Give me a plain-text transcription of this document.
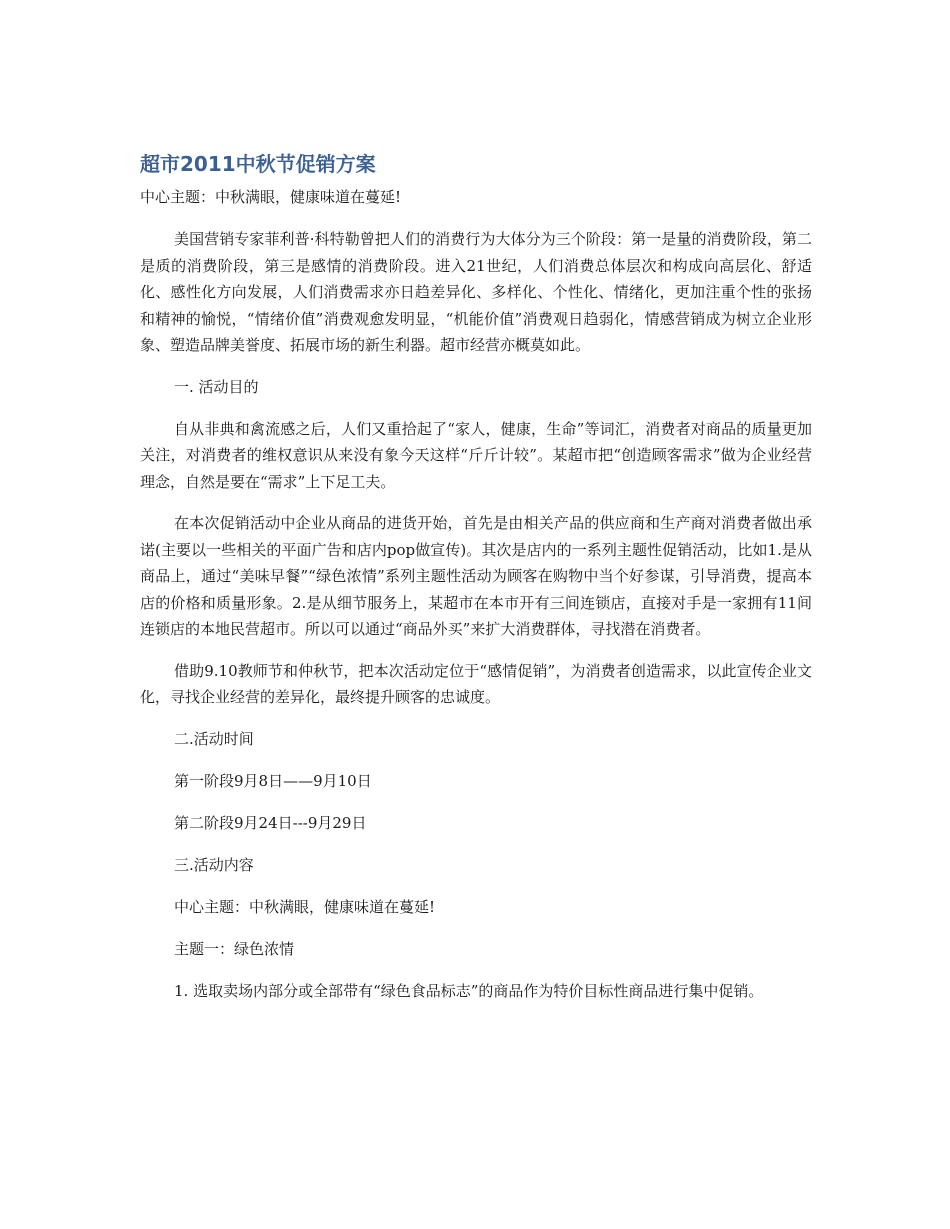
超市2011中秋节促销方案
中心主题：中秋满眼，健康味道在蔓延!

美国营销专家菲利普·科特勒曾把人们的消费行为大体分为三个阶段：第一是量的消费阶段，第二是质的消费阶段，第三是感情的消费阶段。进入21世纪，人们消费总体层次和构成向高层化、舒适化、感性化方向发展，人们消费需求亦日趋差异化、多样化、个性化、情绪化，更加注重个性的张扬和精神的愉悦，“情绪价值”消费观愈发明显，“机能价值”消费观日趋弱化，情感营销成为树立企业形象、塑造品牌美誉度、拓展市场的新生利器。超市经营亦概莫如此。

一. 活动目的

自从非典和禽流感之后，人们又重拾起了“家人，健康，生命”等词汇，消费者对商品的质量更加关注，对消费者的维权意识从来没有象今天这样“斤斤计较”。某超市把“创造顾客需求”做为企业经营理念，自然是要在“需求”上下足工夫。

在本次促销活动中企业从商品的进货开始，首先是由相关产品的供应商和生产商对消费者做出承诺(主要以一些相关的平面广告和店内pop做宣传)。其次是店内的一系列主题性促销活动，比如1.是从商品上，通过“美味早餐”“绿色浓情”系列主题性活动为顾客在购物中当个好参谋，引导消费，提高本店的价格和质量形象。2.是从细节服务上，某超市在本市开有三间连锁店，直接对手是一家拥有11间连锁店的本地民营超市。所以可以通过“商品外买”来扩大消费群体，寻找潜在消费者。

借助9.10教师节和仲秋节，把本次活动定位于“感情促销”，为消费者创造需求，以此宣传企业文化，寻找企业经营的差异化，最终提升顾客的忠诚度。

二.活动时间

第一阶段9月8日——9月10日

第二阶段9月24日---9月29日

三.活动内容

中心主题：中秋满眼，健康味道在蔓延!

主题一：绿色浓情

1. 选取卖场内部分或全部带有“绿色食品标志”的商品作为特价目标性商品进行集中促销。
